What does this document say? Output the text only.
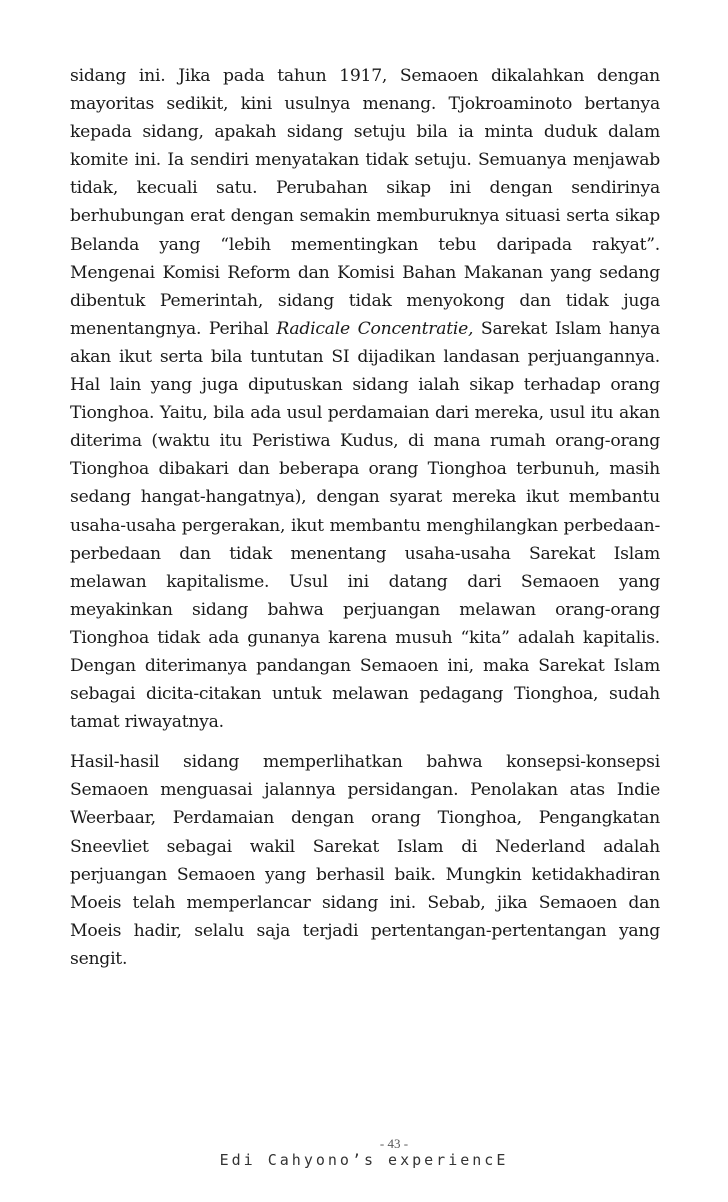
sidang ini. Jika pada tahun 1917, Semaoen dikalahkan dengan mayoritas sedikit, kini usulnya menang. Tjokroaminoto bertanya kepada sidang, apakah sidang setuju bila ia minta duduk dalam komite ini. Ia sendiri menyatakan tidak setuju. Semuanya menjawab tidak, kecuali satu. Perubahan sikap ini dengan sendirinya berhubungan erat dengan semakin memburuknya situasi serta sikap Belanda yang “lebih mementingkan tebu daripada rakyat”. Mengenai Komisi Reform dan Komisi Bahan Makanan yang sedang dibentuk Pemerintah, sidang tidak menyokong dan tidak juga menentangnya. Perihal Radicale Concentratie, Sarekat Islam hanya akan ikut serta bila tuntutan SI dijadikan landasan perjuangannya. Hal lain yang juga diputuskan sidang ialah sikap terhadap orang Tionghoa. Yaitu, bila ada usul perdamaian dari mereka, usul itu akan diterima (waktu itu Peristiwa Kudus, di mana rumah orang-orang Tionghoa dibakari dan beberapa orang Tionghoa terbunuh, masih sedang hangat-hangatnya), dengan syarat mereka ikut membantu usaha-usaha pergerakan, ikut membantu menghilangkan perbedaan-perbedaan dan tidak menentang usaha-usaha Sarekat Islam melawan kapitalisme. Usul ini datang dari Semaoen yang meyakinkan sidang bahwa perjuangan melawan orang-orang Tionghoa tidak ada gunanya karena musuh “kita” adalah kapitalis. Dengan diterimanya pandangan Semaoen ini, maka Sarekat Islam sebagai dicita-citakan untuk melawan pedagang Tionghoa, sudah tamat riwayatnya.

Hasil-hasil sidang memperlihatkan bahwa konsepsi-konsepsi Semaoen menguasai jalannya persidangan. Penolakan atas Indie Weerbaar, Perdamaian dengan orang Tionghoa, Pengangkatan Sneevliet sebagai wakil Sarekat Islam di Nederland adalah perjuangan Semaoen yang berhasil baik. Mungkin ketidakhadiran Moeis telah memperlancar sidang ini. Sebab, jika Semaoen dan Moeis hadir, selalu saja terjadi pertentangan-pertentangan yang sengit.

- 43 -
Edi Cahyono’s experiencE
